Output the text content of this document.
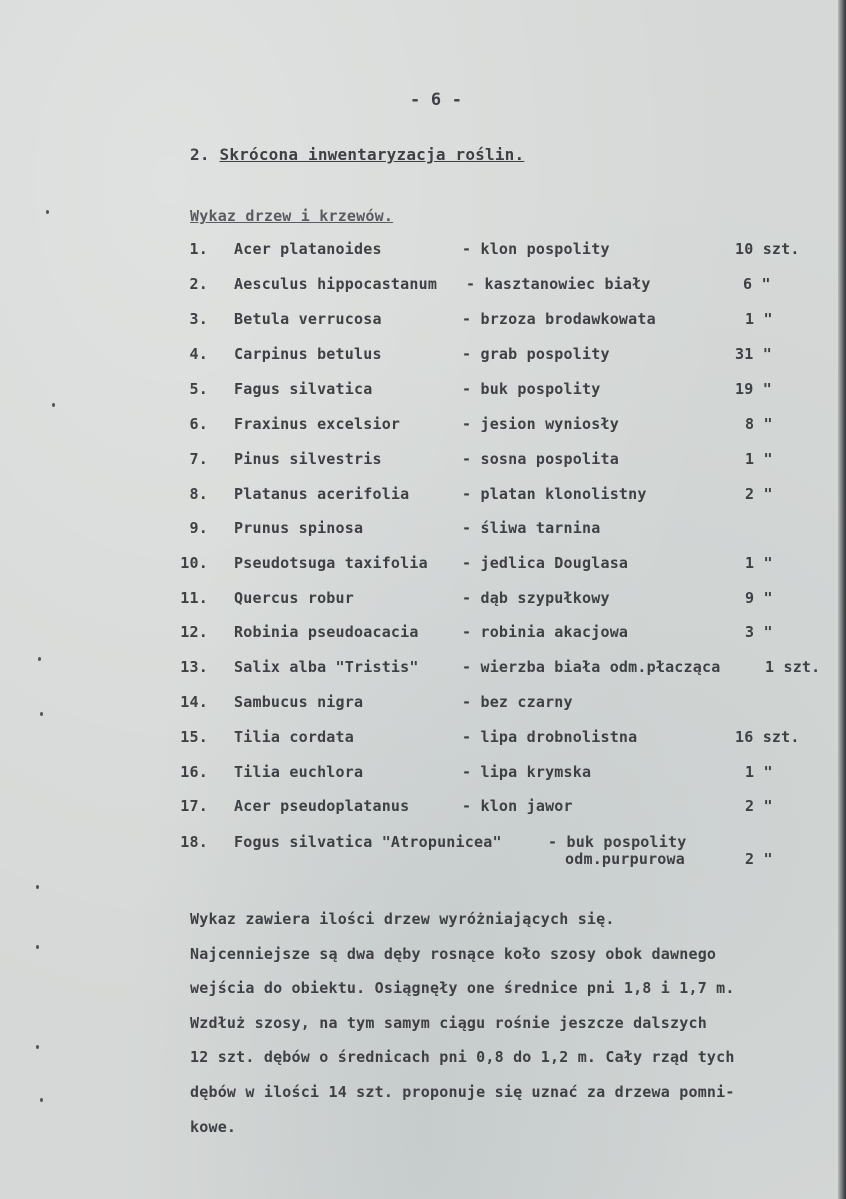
- 6 -
2. Skrócona inwentaryzacja roślin.
Wykaz drzew i krzewów.
1. Acer platanoides	- klon pospolity	10 szt.
2. Aesculus hippocastanum - kasztanowiec biały	6 "
3. Betula verrucosa	- brzoza brodawkowata	1 "
4. Carpinus betulus	- grab pospolity	31 "
5. Fagus silvatica	- buk pospolity	19 "
6. Fraxinus excelsior	- jesion wyniosły	8 "
7. Pinus silvestris	- sosna pospolita	1 "
8. Platanus acerifolia	- platan klonolistny	2 "
9. Prunus spinosa	- śliwa tarnina
10. Pseudotsuga taxifolia - jedlica Douglasa	1 "
11. Quercus robur	- dąb szypułkowy	9 "
12. Robinia pseudoacacia	- robinia akacjowa	3 "
13. Salix alba "Tristis"	- wierzba biała odm.płacząca	1 szt.
14. Sambucus nigra	- bez czarny
15. Tilia cordata	- lipa drobnolistna	16 szt.
16. Tilia euchlora	- lipa krymska	1 "
17. Acer pseudoplatanus	- klon jawor	2 "
18. Fogus silvatica "Atropunicea"	- buk pospolity
odm.purpurowa	2 "
Wykaz zawiera ilości drzew wyróżniających się.
Najcenniejsze są dwa dęby rosnące koło szosy obok dawnego
wejścia do obiektu. Osiągnęły one średnice pni 1,8 i 1,7 m.
Wzdłuż szosy, na tym samym ciągu rośnie jeszcze dalszych
12 szt. dębów o średnicach pni 0,8 do 1,2 m. Cały rząd tych
dębów w ilości 14 szt. proponuje się uznać za drzewa pomni-
kowe.
